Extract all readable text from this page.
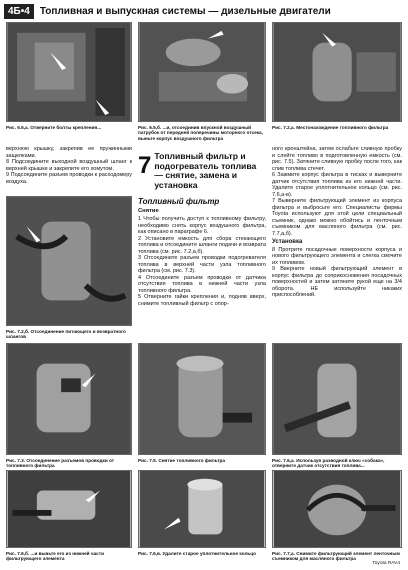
4Б•4	Топливная и выпускная системы — дизельные двигатели
Рис. 6.5,а. Отверните болты крепления...	Рис. 6.5,б. ...и, отсоединив впускной воздушный патрубок от передней поперечины моторного отсека, выньте корпус воздушного фильтра
Рис. 7.2,а. Местонахождение топливного фильтра

верхнюю крышку, закрепив ее пружинными защелками.

8 Подсоедините выходной воздушный шланг к верхней крышке и закрепите его хомутом.

9 Подсоедините разъем проводки к расходомеру воздуха.

7 Топливный фильтр и подогреватель топлива — снятие, замена и установка
Топливный фильтр
Снятие

1 Чтобы получить доступ к топливному фильтру, необходимо снять корпус воздушного фильтра, как описано в параграфе 6.

2 Установите емкость для сбора стекающего топлива и отсоедините шланги подачи и возврата топлива (см. рис. 7.2,а,б).

3 Отсоедините разъем проводки подогревателя топлива в верхней части узла топливного фильтра (см. рис. 7.3).

4 Отсоедините разъем проводки от датчика отсутствия топлива в нижней части узла топливного фильтра.

5 Отверните гайки крепления и, подняв вверх, снимите топливный фильтр с опор-

ного кронштейна, затем ослабьте сливную пробку и слейте топливо в подготовленную емкость (см. рис. 7.5). Затяните сливную пробку после того, как слив топлива стечет.

6 Зажмите корпус фильтра в тисках и выверните датчик отсутствия топлива из его нижней части. Удалите старое уплотнительное кольцо (см. рис. 7.6,а-в).

7 Выверните фильтрующий элемент из корпуса фильтра и выбросьте его. Специалисты фирмы Toyota используют для этой цели специальный съемник, однако можно обойтись и ленточным съемником для масляного фильтра (см. рис. 7.7,а,б).

Установка

8 Протрите посадочные поверхности корпуса и нового фильтрующего элемента и слегка смочите их топливом.

9 Вверните новый фильтрующий элемент в корпус фильтра до соприкосновения посадочных поверхностей и затем затяните рукой еще на 3/4 оборота. НЕ используйте никаких приспособлений.

Рис. 7.2,б. Отсоединение питающего и возвратного шлангов
Рис. 7.3. Отсоединение разъемов проводки от топливного фильтра
Рис. 7.5. Снятие топливного фильтра	Рис. 7.6,а. Используя разводной ключ «собака», отверните датчик отсутствия топлива...
Рис. 7.6,б. ...и выньте его из нижней части фильтрующего элемента
Рис. 7.6,в. Удалите старое уплотнительное кольцо	Рис. 7.7,а. Снимите фильтрующий элемент ленточным съемником для масляного фильтра
Toyota RAV4
